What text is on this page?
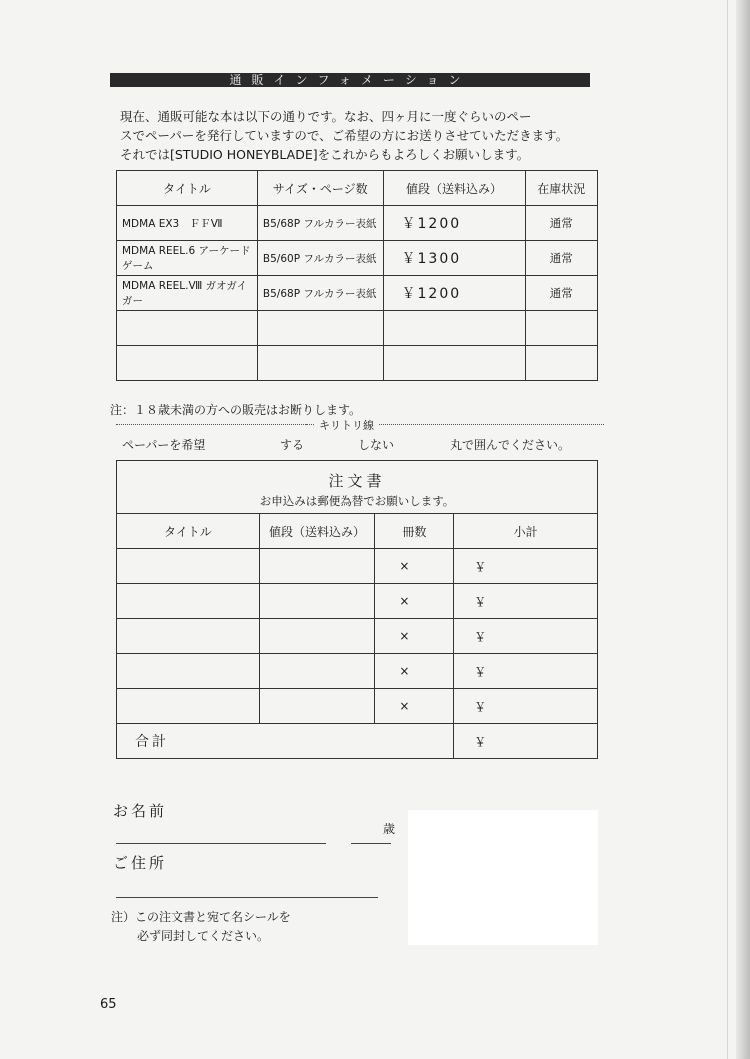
通販インフォメーション

現在、通販可能な本は以下の通りです。なお、四ヶ月に一度ぐらいのペー

スでペーパーを発行していますので、ご希望の方にお送りさせていただきます。

それでは[STUDIO HONEYBLADE]をこれからもよろしくお願いします。

タイトル	サイズ・ページ数	値段（送料込み）	在庫状況
MDMA EX3　ＦＦⅦ	B5/68P フルカラー表紙	￥1200	通常
MDMA REEL.6 アーケードゲーム	B5/60P フルカラー表紙	￥1300	通常
MDMA REEL.Ⅷ ガオガイガー	B5/68P フルカラー表紙	￥1200	通常

注：１８歳未満の方への販売はお断りします。
キリトリ線
ペーパーを希望	する	しない	丸で囲んでください。
注文書
お申込みは郵便為替でお願いします。			

タイトル	値段（送料込み）	冊数	小計
		×	￥
		×	￥
		×	￥
		×	￥
		×	￥
合計			￥
お名前
歳
ご住所
注）この注文書と宛て名シールを
必ず同封してください。
65
